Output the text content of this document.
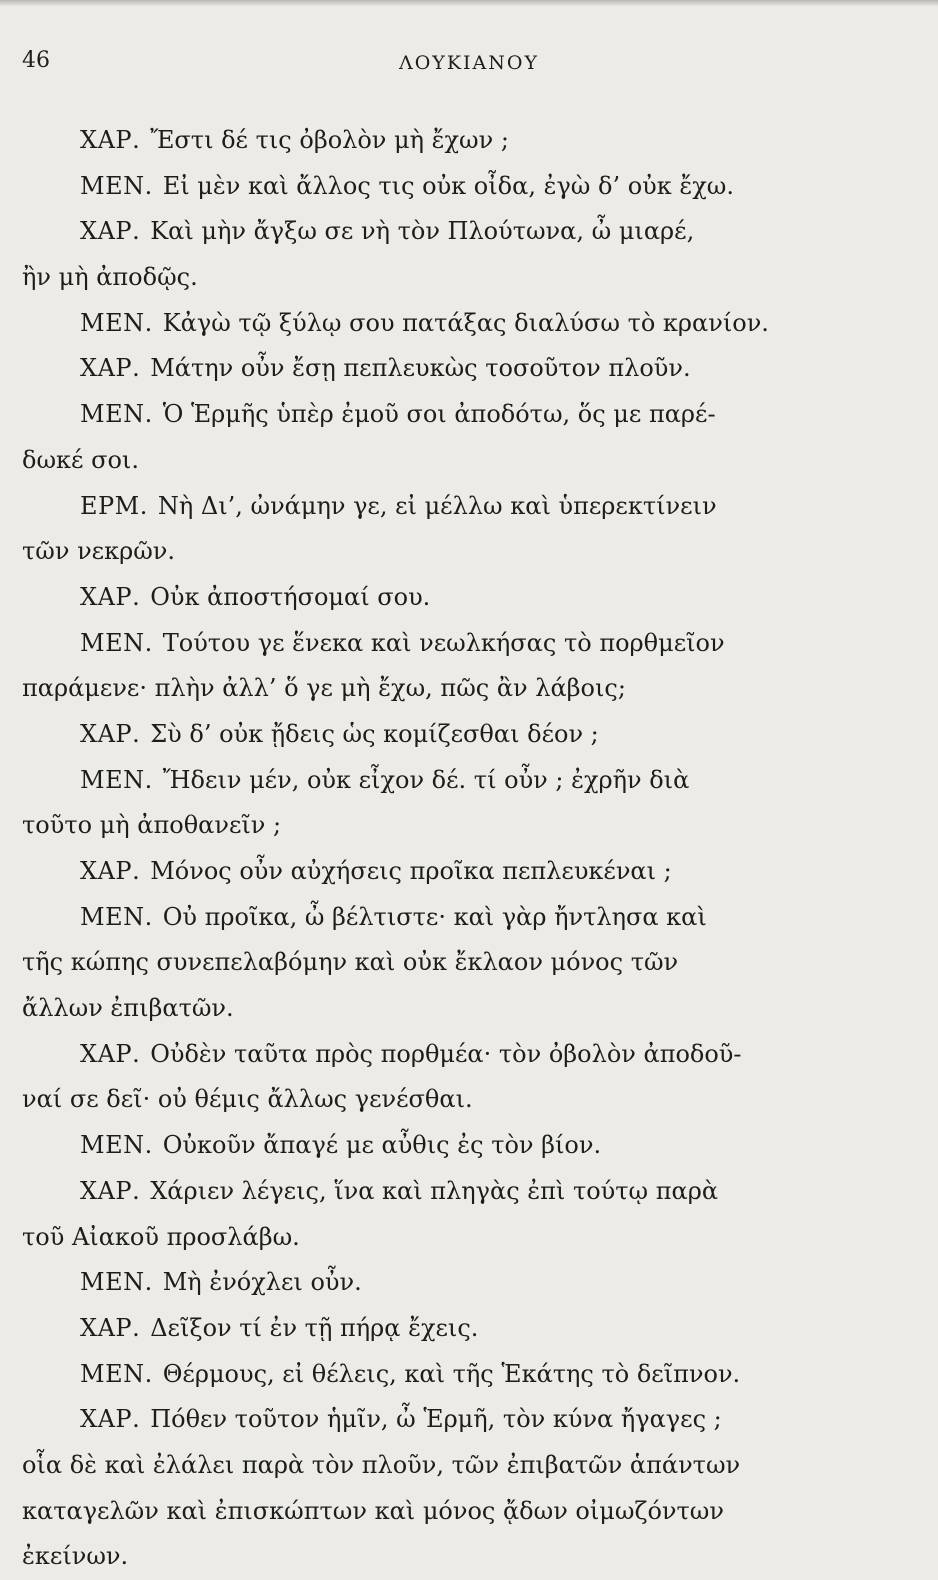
46	ΛΟΥΚΙΑΝΟΥ
ΧΑΡ. Ἔστι δέ τις ὀβολὸν μὴ ἔχων ;
ΜΕΝ. Εἰ μὲν καὶ ἄλλος τις οὐκ οἶδα, ἐγὼ δ’ οὐκ ἔχω.
ΧΑΡ. Καὶ μὴν ἄγξω σε νὴ τὸν Πλούτωνα, ὦ μιαρέ,
ἢν μὴ ἀποδῷς.
ΜΕΝ. Κἀγὼ τῷ ξύλῳ σου πατάξας διαλύσω τὸ κρανίον.
ΧΑΡ. Μάτην οὖν ἔσῃ πεπλευκὼς τοσοῦτον πλοῦν.
ΜΕΝ. Ὁ Ἑρμῆς ὑπὲρ ἐμοῦ σοι ἀποδότω, ὅς με παρέ-
δωκέ σοι.
ΕΡΜ. Νὴ Δι’, ὠνάμην γε, εἰ μέλλω καὶ ὑπερεκτίνειν
τῶν νεκρῶν.
ΧΑΡ. Οὐκ ἀποστήσομαί σου.
ΜΕΝ. Τούτου γε ἕνεκα καὶ νεωλκήσας τὸ πορθμεῖον
παράμενε· πλὴν ἀλλ’ ὅ γε μὴ ἔχω, πῶς ἂν λάβοις;
ΧΑΡ. Σὺ δ’ οὐκ ᾔδεις ὡς κομίζεσθαι δέον ;
ΜΕΝ. Ἤδειν μέν, οὐκ εἶχον δέ. τί οὖν ; ἐχρῆν διὰ
τοῦτο μὴ ἀποθανεῖν ;
ΧΑΡ. Μόνος οὖν αὐχήσεις προῖκα πεπλευκέναι ;
ΜΕΝ. Οὐ προῖκα, ὦ βέλτιστε· καὶ γὰρ ἤντλησα καὶ
τῆς κώπης συνεπελαβόμην καὶ οὐκ ἔκλαον μόνος τῶν
ἄλλων ἐπιβατῶν.
ΧΑΡ. Οὐδὲν ταῦτα πρὸς πορθμέα· τὸν ὀβολὸν ἀποδοῦ-
ναί σε δεῖ· οὐ θέμις ἄλλως γενέσθαι.
ΜΕΝ. Οὐκοῦν ἄπαγέ με αὖθις ἐς τὸν βίον.
ΧΑΡ. Χάριεν λέγεις, ἵνα καὶ πληγὰς ἐπὶ τούτῳ παρὰ
τοῦ Αἰακοῦ προσλάβω.
ΜΕΝ. Μὴ ἐνόχλει οὖν.
ΧΑΡ. Δεῖξον τί ἐν τῇ πήρᾳ ἔχεις.
ΜΕΝ. Θέρμους, εἰ θέλεις, καὶ τῆς Ἑκάτης τὸ δεῖπνον.
ΧΑΡ. Πόθεν τοῦτον ἡμῖν, ὦ Ἑρμῆ, τὸν κύνα ἤγαγες ;
οἷα δὲ καὶ ἐλάλει παρὰ τὸν πλοῦν, τῶν ἐπιβατῶν ἁπάντων
καταγελῶν καὶ ἐπισκώπτων καὶ μόνος ᾄδων οἰμωζόντων
ἐκείνων.
